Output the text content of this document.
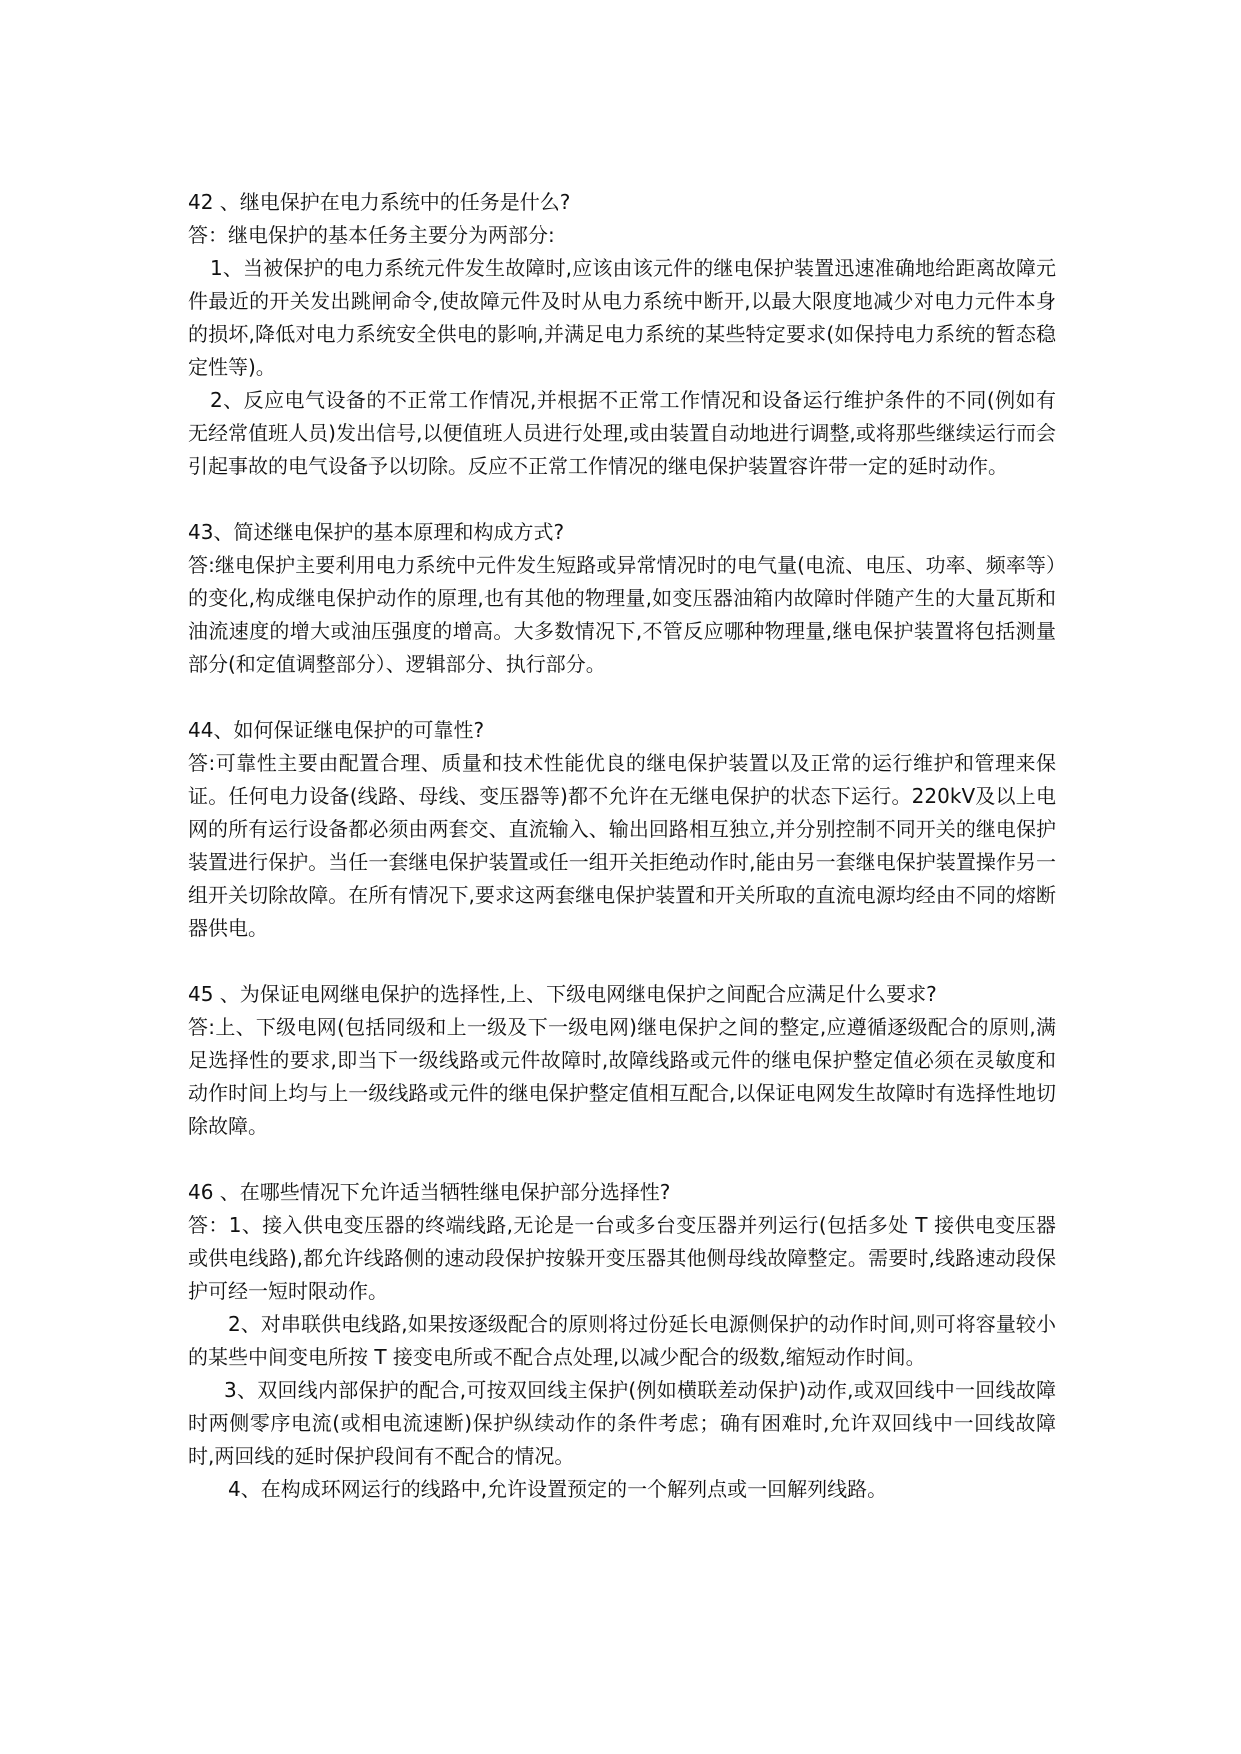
42 、继电保护在电力系统中的任务是什么?

答：继电保护的基本任务主要分为两部分:

1、当被保护的电力系统元件发生故障时,应该由该元件的继电保护装置迅速准确地给距离故障元件最近的开关发出跳闸命令,使故障元件及时从电力系统中断开,以最大限度地减少对电力元件本身的损坏,降低对电力系统安全供电的影响,并满足电力系统的某些特定要求(如保持电力系统的暂态稳定性等)。

2、反应电气设备的不正常工作情况,并根据不正常工作情况和设备运行维护条件的不同(例如有无经常值班人员)发出信号,以便值班人员进行处理,或由装置自动地进行调整,或将那些继续运行而会引起事故的电气设备予以切除。反应不正常工作情况的继电保护装置容许带一定的延时动作。

43、简述继电保护的基本原理和构成方式?

答:继电保护主要利用电力系统中元件发生短路或异常情况时的电气量(电流、电压、功率、频率等）的变化,构成继电保护动作的原理,也有其他的物理量,如变压器油箱内故障时伴随产生的大量瓦斯和油流速度的增大或油压强度的增高。大多数情况下,不管反应哪种物理量,继电保护装置将包括测量部分(和定值调整部分）、逻辑部分、执行部分。

44、如何保证继电保护的可靠性?

答:可靠性主要由配置合理、质量和技术性能优良的继电保护装置以及正常的运行维护和管理来保证。任何电力设备(线路、母线、变压器等)都不允许在无继电保护的状态下运行。220kV及以上电网的所有运行设备都必须由两套交、直流输入、输出回路相互独立,并分别控制不同开关的继电保护装置进行保护。当任一套继电保护装置或任一组开关拒绝动作时,能由另一套继电保护装置操作另一组开关切除故障。在所有情况下,要求这两套继电保护装置和开关所取的直流电源均经由不同的熔断器供电。

45 、为保证电网继电保护的选择性,上、下级电网继电保护之间配合应满足什么要求?

答:上、下级电网(包括同级和上一级及下一级电网)继电保护之间的整定,应遵循逐级配合的原则,满足选择性的要求,即当下一级线路或元件故障时,故障线路或元件的继电保护整定值必须在灵敏度和动作时间上均与上一级线路或元件的继电保护整定值相互配合,以保证电网发生故障时有选择性地切除故障。

46 、在哪些情况下允许适当牺牲继电保护部分选择性?

答：1、接入供电变压器的终端线路,无论是一台或多台变压器并列运行(包括多处 T 接供电变压器或供电线路),都允许线路侧的速动段保护按躲开变压器其他侧母线故障整定。需要时,线路速动段保护可经一短时限动作。

2、对串联供电线路,如果按逐级配合的原则将过份延长电源侧保护的动作时间,则可将容量较小的某些中间变电所按 T 接变电所或不配合点处理,以减少配合的级数,缩短动作时间。

3、双回线内部保护的配合,可按双回线主保护(例如横联差动保护)动作,或双回线中一回线故障时两侧零序电流(或相电流速断)保护纵续动作的条件考虑；确有困难时,允许双回线中一回线故障时,两回线的延时保护段间有不配合的情况。

4、在构成环网运行的线路中,允许设置预定的一个解列点或一回解列线路。
